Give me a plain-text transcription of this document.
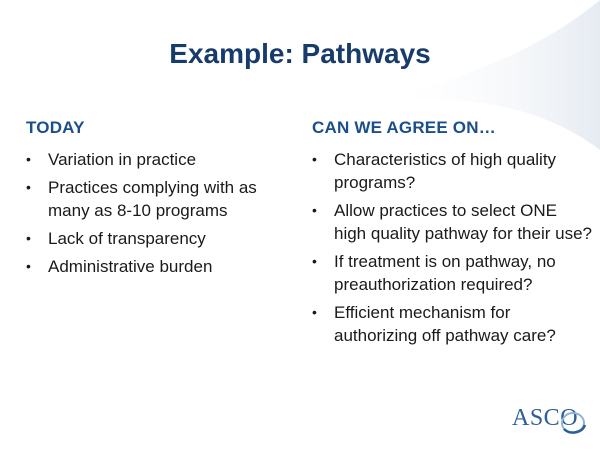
Example: Pathways
TODAY
• Variation in practice
• Practices complying with as many as 8-10 programs
• Lack of transparency
• Administrative burden
CAN WE AGREE ON…
• Characteristics of high quality programs?
• Allow practices to select ONE high quality pathway for their use?
• If treatment is on pathway, no preauthorization required?
• Efficient mechanism for authorizing off pathway care?
ASCO
